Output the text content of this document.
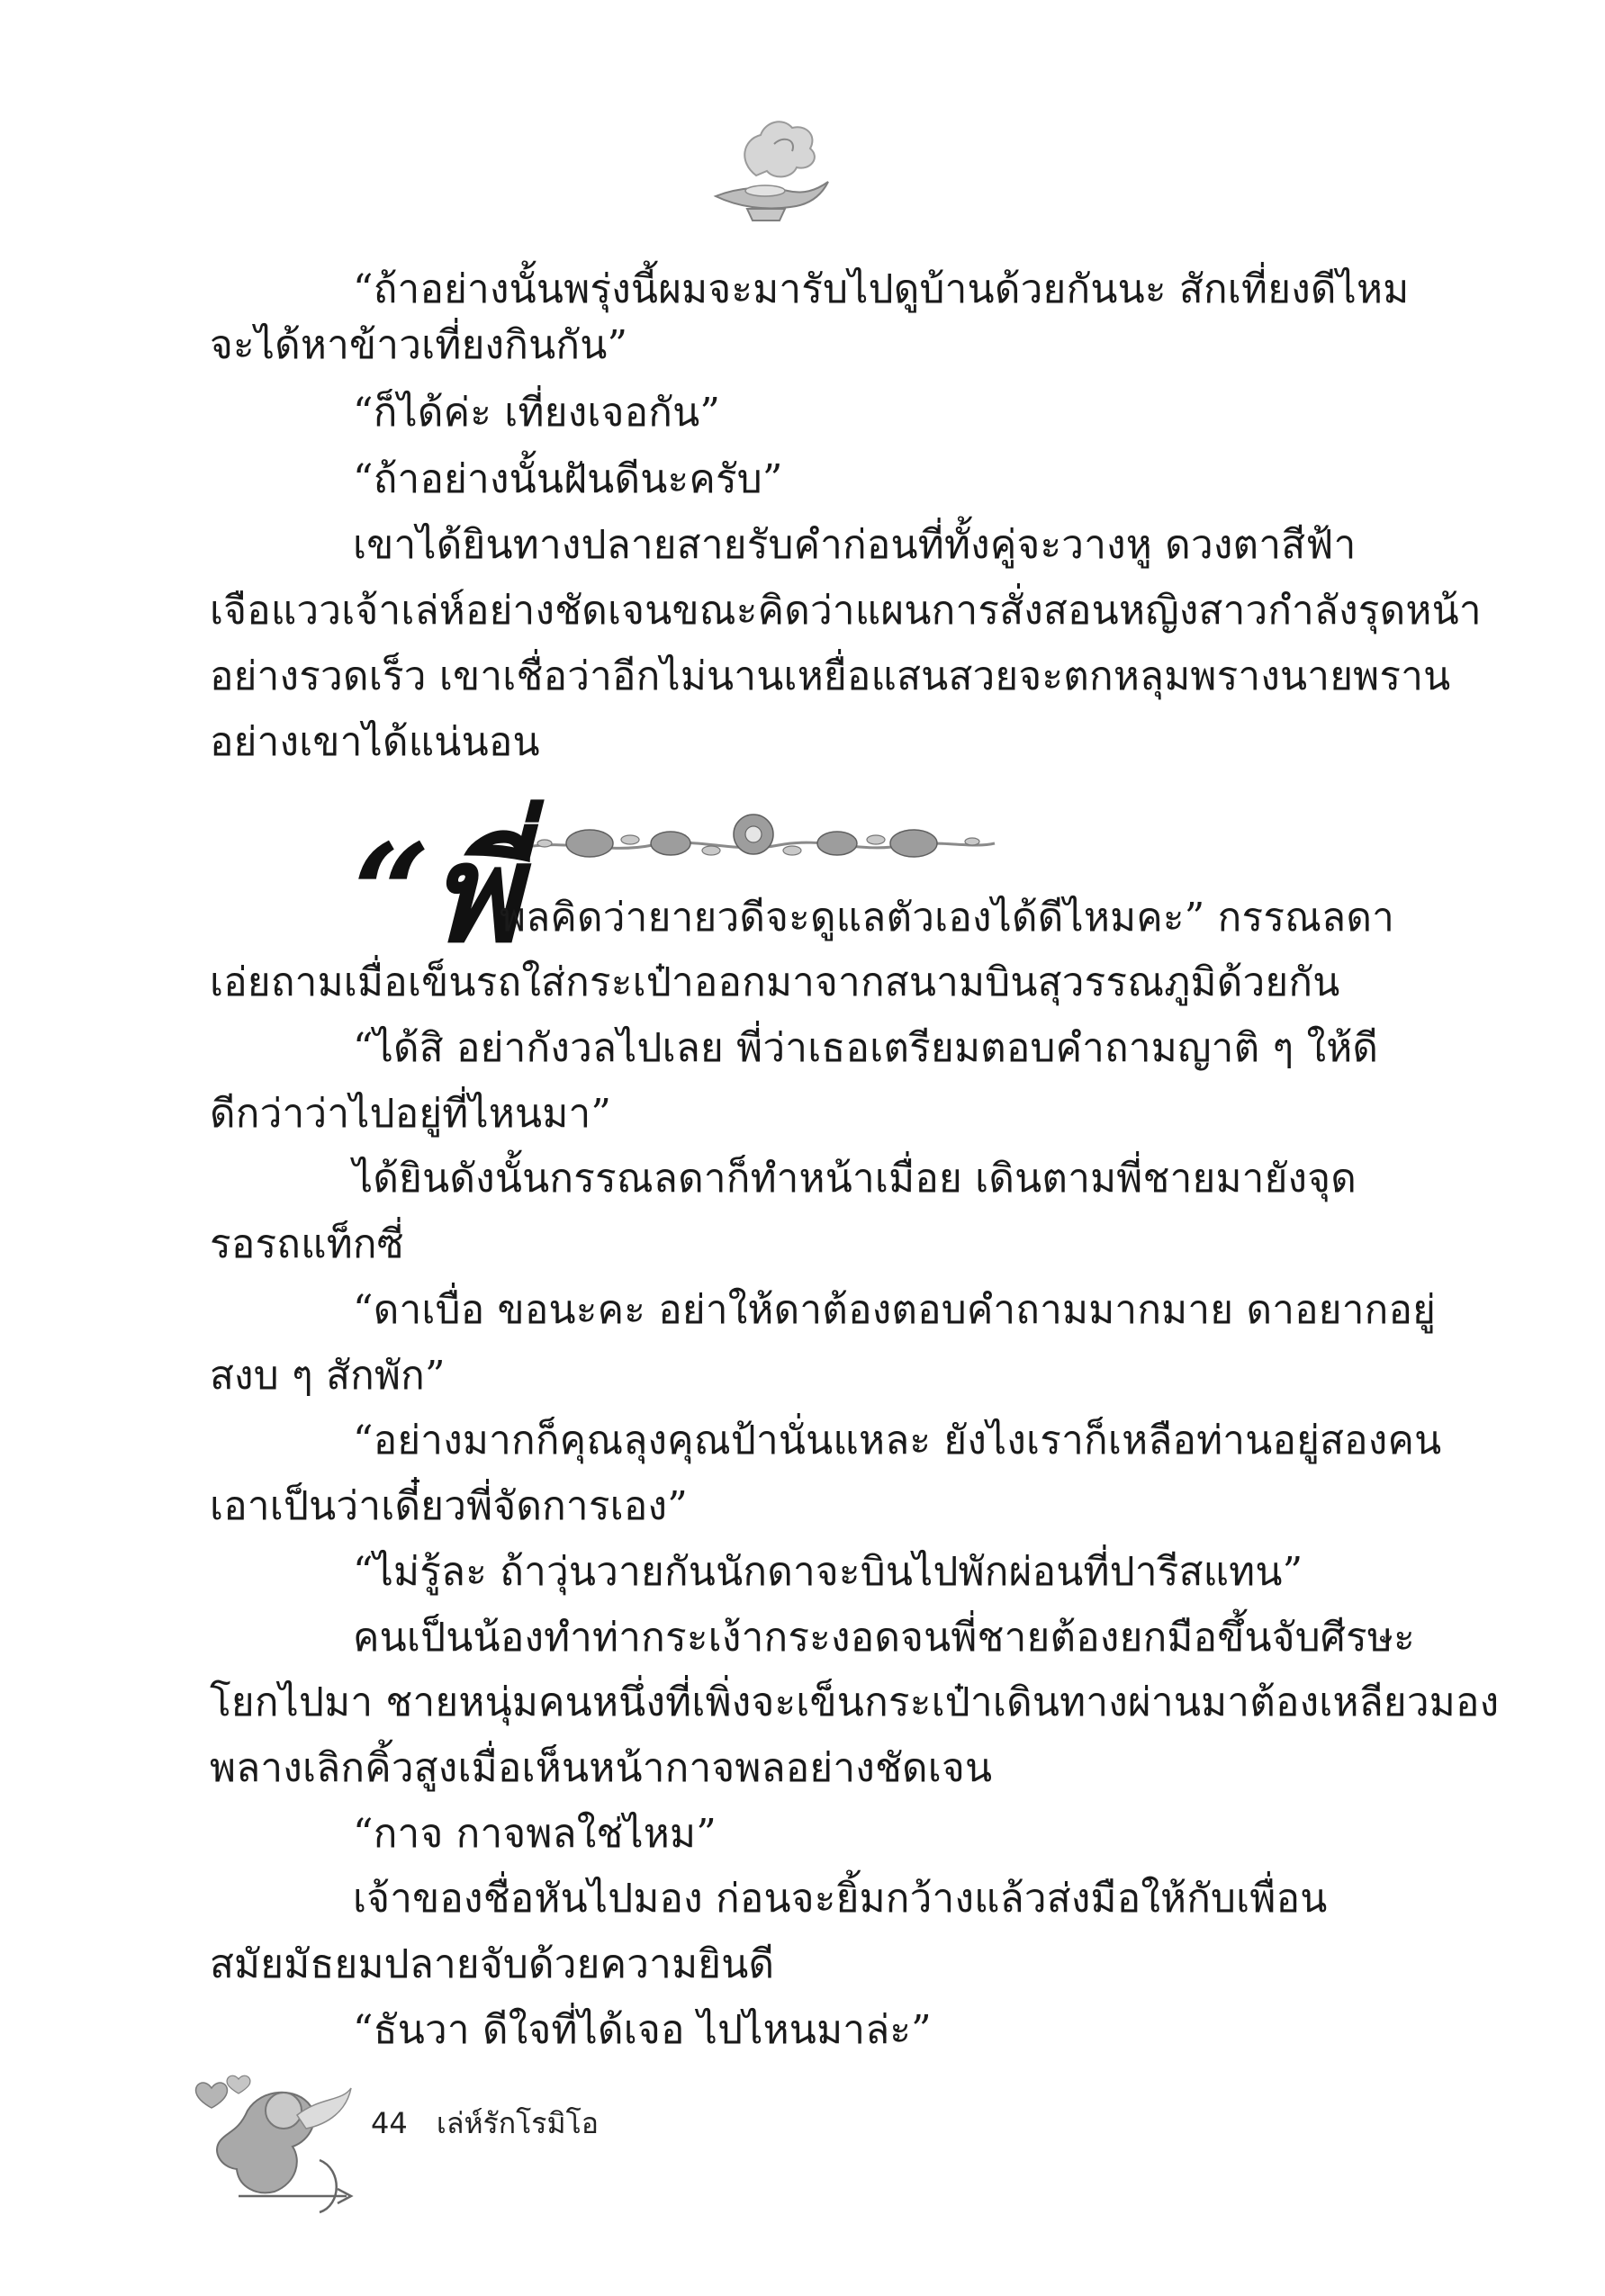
“ถ้าอย่างนั้นพรุ่งนี้ผมจะมารับไปดูบ้านด้วยกันนะ สักเที่ยงดีไหม
จะได้หาข้าวเที่ยงกินกัน”
“ก็ได้ค่ะ เที่ยงเจอกัน”
“ถ้าอย่างนั้นฝันดีนะครับ”
เขาได้ยินทางปลายสายรับคำก่อนที่ทั้งคู่จะวางหู ดวงตาสีฟ้า
เจือแววเจ้าเล่ห์อย่างชัดเจนขณะคิดว่าแผนการสั่งสอนหญิงสาวกำลังรุดหน้า
อย่างรวดเร็ว เขาเชื่อว่าอีกไม่นานเหยื่อแสนสวยจะตกหลุมพรางนายพราน
อย่างเขาได้แน่นอน
“พี่
พลคิดว่ายายวดีจะดูแลตัวเองได้ดีไหมคะ” กรรณลดา
เอ่ยถามเมื่อเข็นรถใส่กระเป๋าออกมาจากสนามบินสุวรรณภูมิด้วยกัน
“ได้สิ อย่ากังวลไปเลย พี่ว่าเธอเตรียมตอบคำถามญาติ ๆ ให้ดี
ดีกว่าว่าไปอยู่ที่ไหนมา”
ได้ยินดังนั้นกรรณลดาก็ทำหน้าเมื่อย เดินตามพี่ชายมายังจุด
รอรถแท็กซี่
“ดาเบื่อ ขอนะคะ อย่าให้ดาต้องตอบคำถามมากมาย ดาอยากอยู่
สงบ ๆ สักพัก”
“อย่างมากก็คุณลุงคุณป้านั่นแหละ ยังไงเราก็เหลือท่านอยู่สองคน
เอาเป็นว่าเดี๋ยวพี่จัดการเอง”
“ไม่รู้ละ ถ้าวุ่นวายกันนักดาจะบินไปพักผ่อนที่ปารีสแทน”
คนเป็นน้องทำท่ากระเง้ากระงอดจนพี่ชายต้องยกมือขึ้นจับศีรษะ
โยกไปมา ชายหนุ่มคนหนึ่งที่เพิ่งจะเข็นกระเป๋าเดินทางผ่านมาต้องเหลียวมอง
พลางเลิกคิ้วสูงเมื่อเห็นหน้ากาจพลอย่างชัดเจน
“กาจ กาจพลใช่ไหม”
เจ้าของชื่อหันไปมอง ก่อนจะยิ้มกว้างแล้วส่งมือให้กับเพื่อน
สมัยมัธยมปลายจับด้วยความยินดี
“ธันวา ดีใจที่ได้เจอ ไปไหนมาล่ะ”
44 เล่ห์รักโรมิโอ
